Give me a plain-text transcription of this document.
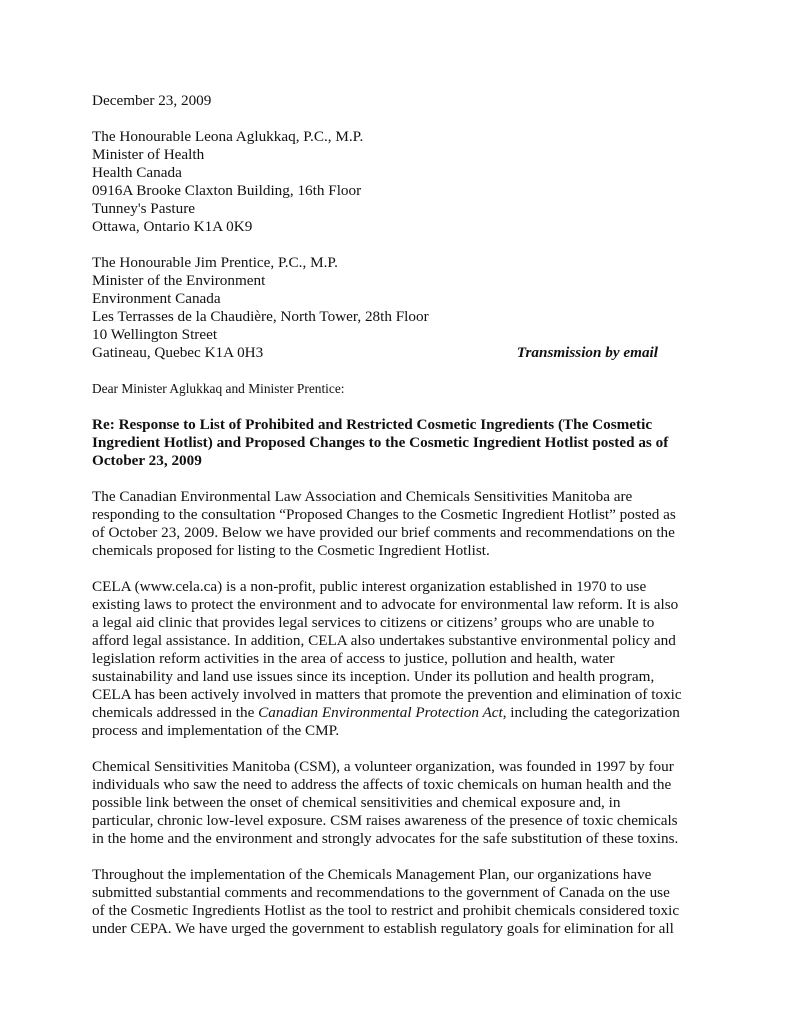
December 23, 2009
The Honourable Leona Aglukkaq, P.C., M.P.
Minister of Health
Health Canada
0916A Brooke Claxton Building, 16th Floor
Tunney's Pasture
Ottawa, Ontario K1A 0K9
The Honourable Jim Prentice, P.C., M.P.
Minister of the Environment
Environment Canada
Les Terrasses de la Chaudière, North Tower, 28th Floor
10 Wellington Street
Gatineau, Quebec K1A 0H3	Transmission by email
Dear Minister Aglukkaq and Minister Prentice:
Re: Response to List of Prohibited and Restricted Cosmetic Ingredients (The Cosmetic
Ingredient Hotlist) and Proposed Changes to the Cosmetic Ingredient Hotlist posted as of
October 23, 2009
The Canadian Environmental Law Association and Chemicals Sensitivities Manitoba are
responding to the consultation “Proposed Changes to the Cosmetic Ingredient Hotlist” posted as
of October 23, 2009. Below we have provided our brief comments and recommendations on the
chemicals proposed for listing to the Cosmetic Ingredient Hotlist.
CELA (www.cela.ca) is a non-profit, public interest organization established in 1970 to use
existing laws to protect the environment and to advocate for environmental law reform. It is also
a legal aid clinic that provides legal services to citizens or citizens’ groups who are unable to
afford legal assistance. In addition, CELA also undertakes substantive environmental policy and
legislation reform activities in the area of access to justice, pollution and health, water
sustainability and land use issues since its inception. Under its pollution and health program,
CELA has been actively involved in matters that promote the prevention and elimination of toxic
chemicals addressed in the Canadian Environmental Protection Act, including the categorization
process and implementation of the CMP.
Chemical Sensitivities Manitoba (CSM), a volunteer organization, was founded in 1997 by four
individuals who saw the need to address the affects of toxic chemicals on human health and the
possible link between the onset of chemical sensitivities and chemical exposure and, in
particular, chronic low-level exposure. CSM raises awareness of the presence of toxic chemicals
in the home and the environment and strongly advocates for the safe substitution of these toxins.
Throughout the implementation of the Chemicals Management Plan, our organizations have
submitted substantial comments and recommendations to the government of Canada on the use
of the Cosmetic Ingredients Hotlist as the tool to restrict and prohibit chemicals considered toxic
under CEPA. We have urged the government to establish regulatory goals for elimination for all
